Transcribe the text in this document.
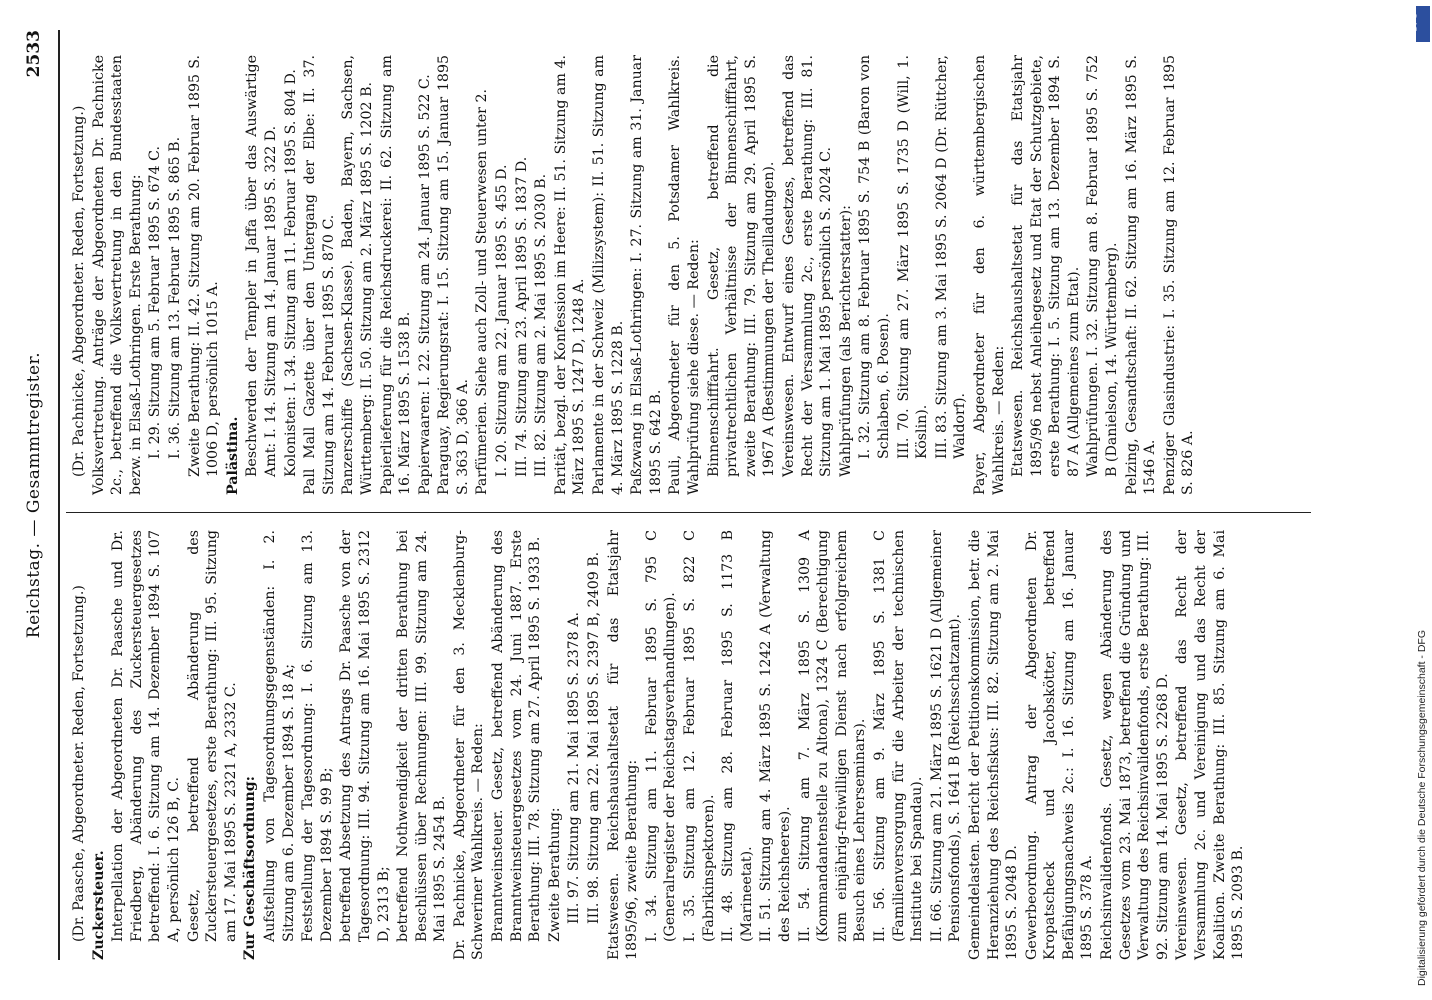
Reichstag. — Gesammtregister.
2533
(Dr. Paasche, Abgeordneter. Reden, Fortsetzung.) Zuckersteuer. Interpellation der Abgeordneten Dr. Paasche und Dr. Friedberg, Abänderung des Zuckersteuergesetzes betreffend: I. 6. Sitzung am 14. Dezember 1894 S. 107 A, persönlich 126 B, C. Gesetz, betreffend Abänderung des Zuckersteuergesetzes, erste Berathung: III. 95. Sitzung am 17. Mai 1895 S. 2321 A, 2332 C. Zur Geschäftsordnung: Aufstellung von Tagesordnungsgegenständen: I. 2. Sitzung am 6. Dezember 1894 S. 18 A; Feststellung der Tagesordnung: I. 6. Sitzung am 13. Dezember 1894 S. 99 B; betreffend Absetzung des Antrags Dr. Paasche von der Tagesordnung: III. 94. Sitzung am 16. Mai 1895 S. 2312 D, 2313 B; betreffend Nothwendigkeit der dritten Berathung bei Beschlüssen über Rechnungen: III. 99. Sitzung am 24. Mai 1895 S. 2454 B. Dr. Pachnicke, Abgeordneter für den 3. Mecklenburg-Schweriner Wahlkreis. — Reden: Branntweinsteuer. Gesetz, betreffend Abänderung des Branntweinsteuergesetzes vom 24. Juni 1887. Erste Berathung: III. 78. Sitzung am 27. April 1895 S. 1933 B. Zweite Berathung: III. 97. Sitzung am 21. Mai 1895 S. 2378 A. III. 98. Sitzung am 22. Mai 1895 S. 2397 B, 2409 B. Etatswesen. Reichshaushaltsetat für das Etatsjahr 1895/96, zweite Berathung: I. 34. Sitzung am 11. Februar 1895 S. 795 C (Generalregister der Reichstagsverhandlungen). I. 35. Sitzung am 12. Februar 1895 S. 822 C (Fabrikinspektoren). II. 48. Sitzung am 28. Februar 1895 S. 1173 B (Marineetat). II. 51. Sitzung am 4. März 1895 S. 1242 A (Verwaltung des Reichsheeres). II. 54. Sitzung am 7. März 1895 S. 1309 A (Kommandantenstelle zu Altona), 1324 C (Berechtigung zum einjährig-freiwilligen Dienst nach erfolgreichem Besuch eines Lehrerseminars). II. 56. Sitzung am 9. März 1895 S. 1381 C (Familienversorgung für die Arbeiter der technischen Institute bei Spandau). II. 66. Sitzung am 21. März 1895 S. 1621 D (Allgemeiner Pensionsfonds), S. 1641 B (Reichsschatzamt). Gemeindelasten. Bericht der Petitionskommission, betr. die Heranziehung des Reichsfiskus: III. 82. Sitzung am 2. Mai 1895 S. 2048 D. Gewerbeordnung. Antrag der Abgeordneten Dr. Kropatscheck und Jacobskötter, betreffend Befähigungsnachweis 2c.: I. 16. Sitzung am 16. Januar 1895 S. 378 A. Reichsinvalidenfonds. Gesetz, wegen Abänderung des Gesetzes vom 23. Mai 1873, betreffend die Gründung und Verwaltung des Reichsinvalidenfonds, erste Berathung: III. 92. Sitzung am 14. Mai 1895 S. 2268 D. Vereinswesen. Gesetz, betreffend das Recht der Versammlung 2c. und Vereinigung und das Recht der Koalition. Zweite Berathung: III. 85. Sitzung am 6. Mai 1895 S. 2093 B.
(Dr. Pachnicke, Abgeordneter. Reden, Fortsetzung.) Volksvertretung. Anträge der Abgeordneten Dr. Pachnicke 2c., betreffend die Volksvertretung in den Bundesstaaten bezw. in Elsaß-Lothringen. Erste Berathung: I. 29. Sitzung am 5. Februar 1895 S. 674 C. I. 36. Sitzung am 13. Februar 1895 S. 865 B. Zweite Berathung: II. 42. Sitzung am 20. Februar 1895 S. 1006 D, persönlich 1015 A. Palästina. Beschwerden der Templer in Jaffa über das Auswärtige Amt: I. 14. Sitzung am 14. Januar 1895 S. 322 D. Kolonisten: I. 34. Sitzung am 11. Februar 1895 S. 804 D. Pall Mall Gazette über den Untergang der Elbe: II. 37. Sitzung am 14. Februar 1895 S. 870 C. Panzerschiffe (Sachsen-Klasse). Baden, Bayern, Sachsen, Württemberg: II. 50. Sitzung am 2. März 1895 S. 1202 B. Papierlieferung für die Reichsdruckerei: II. 62. Sitzung am 16. März 1895 S. 1538 B. Papierwaaren: I. 22. Sitzung am 24. Januar 1895 S. 522 C. Paraguay, Regierungsrat: I. 15. Sitzung am 15. Januar 1895 S. 363 D, 366 A. Parfümerien. Siehe auch Zoll- und Steuerwesen unter 2. I. 20. Sitzung am 22. Januar 1895 S. 455 D. III. 74. Sitzung am 23. April 1895 S. 1837 D. III. 82. Sitzung am 2. Mai 1895 S. 2030 B. Parität, bezgl. der Konfession im Heere: II. 51. Sitzung am 4. März 1895 S. 1247 D, 1248 A. Parlamente in der Schweiz (Milizsystem): II. 51. Sitzung am 4. März 1895 S. 1228 B. Paßzwang in Elsaß-Lothringen: I. 27. Sitzung am 31. Januar 1895 S. 642 B. Pauli, Abgeordneter für den 5. Potsdamer Wahlkreis. Wahlprüfung siehe diese. — Reden: Binnenschifffahrt. Gesetz, betreffend die privatrechtlichen Verhältnisse der Binnenschifffahrt, zweite Berathung: III. 79. Sitzung am 29. April 1895 S. 1967 A (Bestimmungen der Theilladungen). Vereinswesen. Entwurf eines Gesetzes, betreffend das Recht der Versammlung 2c., erste Berathung: III. 81. Sitzung am 1. Mai 1895 persönlich S. 2024 C. Wahlprüfungen (als Berichterstatter): I. 32. Sitzung am 8. Februar 1895 S. 754 B (Baron von Schlaben, 6. Posen). III. 70. Sitzung am 27. März 1895 S. 1735 D (Will, 1. Köslin). III. 83. Sitzung am 3. Mai 1895 S. 2064 D (Dr. Rüttcher, Waldorf). Payer, Abgeordneter für den 6. württembergischen Wahlkreis. — Reden: Etatswesen. Reichshaushaltsetat für das Etatsjahr 1895/96 nebst Anleihegesetz und Etat der Schutzgebiete, erste Berathung: I. 5. Sitzung am 13. Dezember 1894 S. 87 A (Allgemeines zum Etat). Wahlprüfungen. I. 32. Sitzung am 8. Februar 1895 S. 752 B (Danielson, 14. Württemberg). Pelzing, Gesandtschaft: II. 62. Sitzung am 16. März 1895 S. 1546 A. Penziger Glasindustrie: I. 35. Sitzung am 12. Februar 1895 S. 826 A.
Digitalisierung gefördert durch die Deutsche Forschungsgemeinschaft - DFG
DFG
